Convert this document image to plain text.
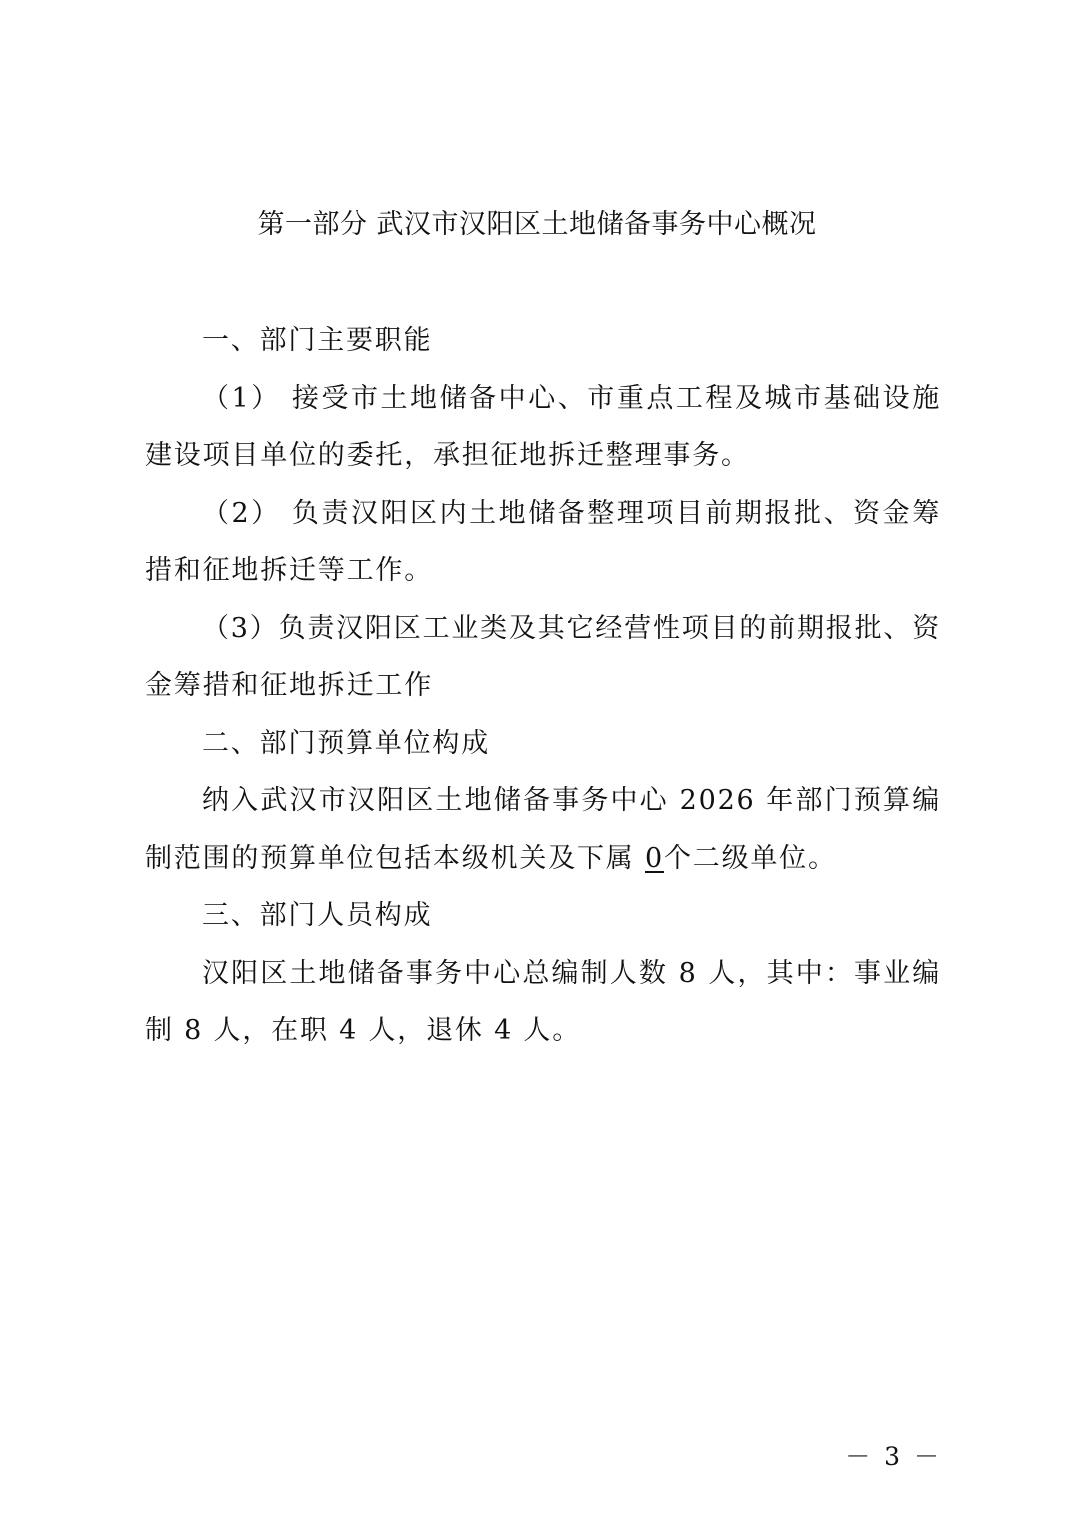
第一部分 武汉市汉阳区土地储备事务中心概况

一、部门主要职能

（1） 接受市土地储备中心、市重点工程及城市基础设施建设项目单位的委托，承担征地拆迁整理事务。

（2） 负责汉阳区内土地储备整理项目前期报批、资金筹措和征地拆迁等工作。

（3）负责汉阳区工业类及其它经营性项目的前期报批、资金筹措和征地拆迁工作

二、部门预算单位构成

纳入武汉市汉阳区土地储备事务中心 2026 年部门预算编制范围的预算单位包括本级机关及下属 0个二级单位。

三、部门人员构成

汉阳区土地储备事务中心总编制人数 8 人，其中：事业编制 8 人，在职 4 人，退休 4 人。

－ 3 －
